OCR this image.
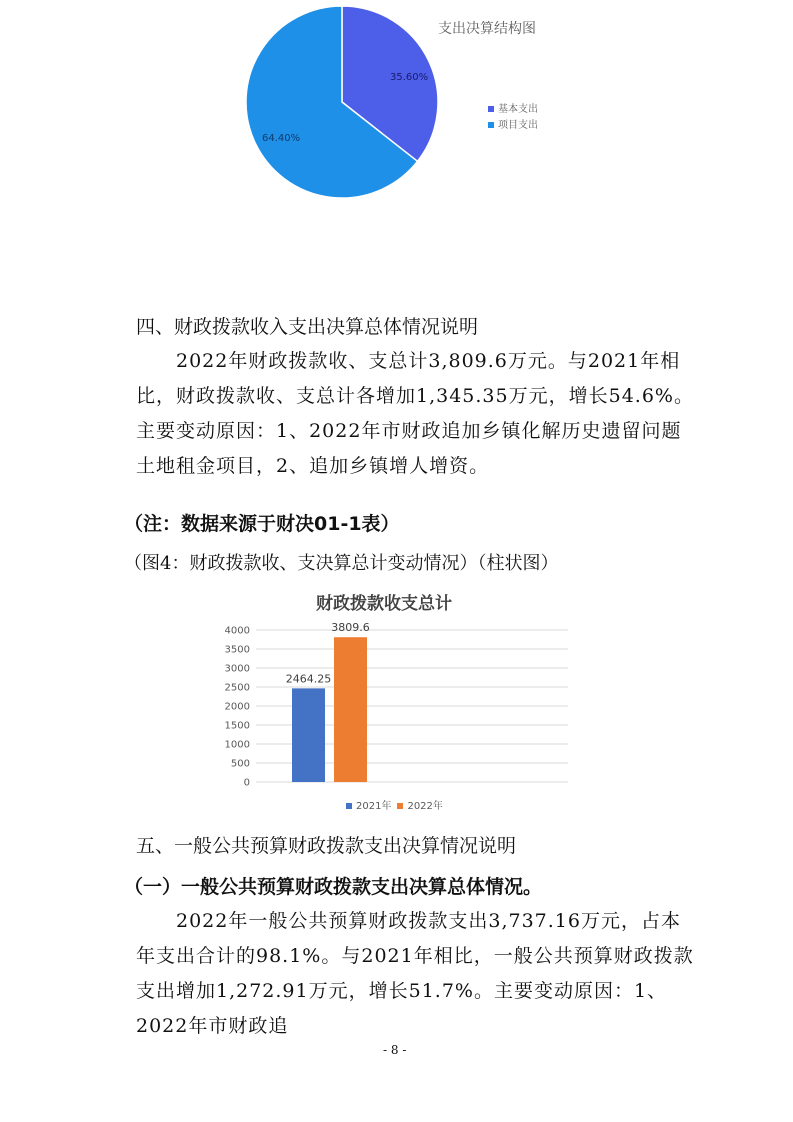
支出决算结构图
35.60%
64.40%
基本支出
项目支出
四、财政拨款收入支出决算总体情况说明

2022年财政拨款收、支总计3,809.6万元。与2021年相比，财政拨款收、支总计各增加1,345.35万元，增长54.6%。主要变动原因：1、2022年市财政追加乡镇化解历史遗留问题土地租金项目，2、追加乡镇增人增资。

（注：数据来源于财决01-1表）
（图4：财政拨款收、支决算总计变动情况）（柱状图）
财政拨款收支总计
0
500
1000
1500
2000
2500
3000
3500
4000
2464.25
3809.6
2021年 2022年
五、一般公共预算财政拨款支出决算情况说明
（一）一般公共预算财政拨款支出决算总体情况。

2022年一般公共预算财政拨款支出3,737.16万元，占本年支出合计的98.1%。与2021年相比，一般公共预算财政拨款支出增加1,272.91万元，增长51.7%。主要变动原因：1、2022年市财政追

- 8 -
